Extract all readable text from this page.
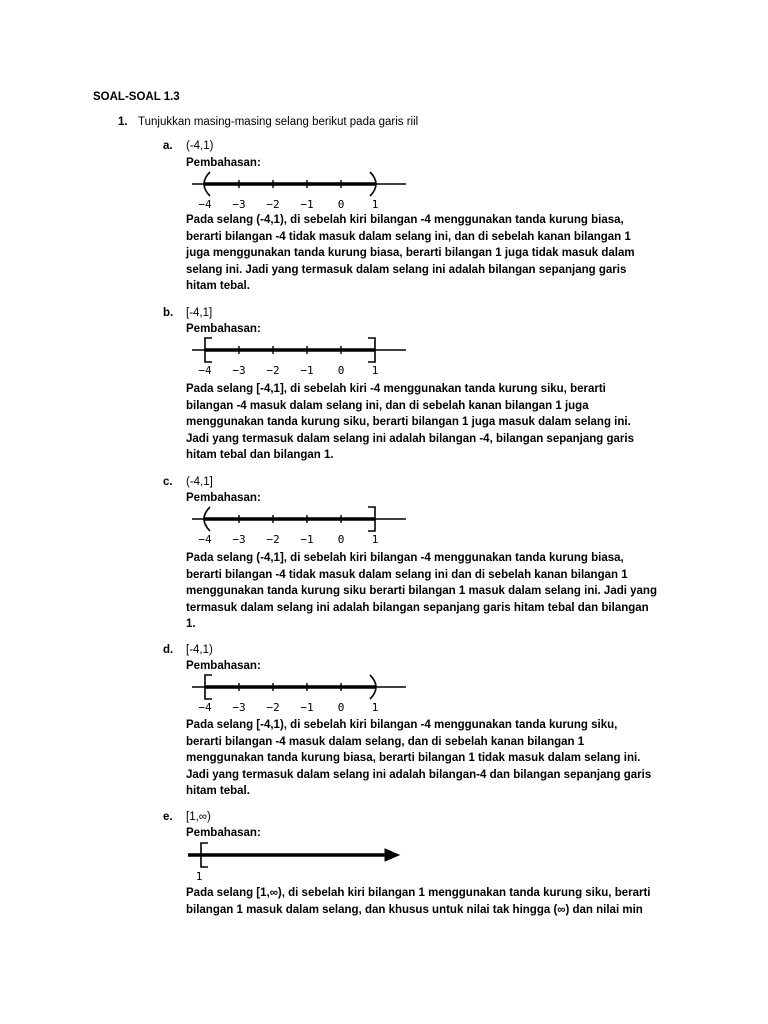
SOAL-SOAL 1.3
1. Tunjukkan masing-masing selang berikut pada garis riil
a. (-4,1)
Pembahasan:
−4 −3 −2 −1 0 1
Pada selang (-4,1), di sebelah kiri bilangan -4 menggunakan tanda kurung biasa,
berarti bilangan -4 tidak masuk dalam selang ini, dan di sebelah kanan bilangan 1
juga menggunakan tanda kurung biasa, berarti bilangan 1 juga tidak masuk dalam
selang ini. Jadi yang termasuk dalam selang ini adalah bilangan sepanjang garis
hitam tebal.
b. [-4,1]
Pembahasan:
−4 −3 −2 −1 0 1
Pada selang [-4,1], di sebelah kiri -4 menggunakan tanda kurung siku, berarti
bilangan -4 masuk dalam selang ini, dan di sebelah kanan bilangan 1 juga
menggunakan tanda kurung siku, berarti bilangan 1 juga masuk dalam selang ini.
Jadi yang termasuk dalam selang ini adalah bilangan -4, bilangan sepanjang garis
hitam tebal dan bilangan 1.
c. (-4,1]
Pembahasan:
−4 −3 −2 −1 0 1
Pada selang (-4,1], di sebelah kiri bilangan -4 menggunakan tanda kurung biasa,
berarti bilangan -4 tidak masuk dalam selang ini dan di sebelah kanan bilangan 1
menggunakan tanda kurung siku berarti bilangan 1 masuk dalam selang ini. Jadi yang
termasuk dalam selang ini adalah bilangan sepanjang garis hitam tebal dan bilangan
1.
d. [-4,1)
Pembahasan:
−4 −3 −2 −1 0 1
Pada selang [-4,1), di sebelah kiri bilangan -4 menggunakan tanda kurung siku,
berarti bilangan -4 masuk dalam selang, dan di sebelah kanan bilangan 1
menggunakan tanda kurung biasa, berarti bilangan 1 tidak masuk dalam selang ini.
Jadi yang termasuk dalam selang ini adalah bilangan-4 dan bilangan sepanjang garis
hitam tebal.
e. [1,∞)
Pembahasan:
1
Pada selang [1,∞), di sebelah kiri bilangan 1 menggunakan tanda kurung siku, berarti
bilangan 1 masuk dalam selang, dan khusus untuk nilai tak hingga (∞) dan nilai min
